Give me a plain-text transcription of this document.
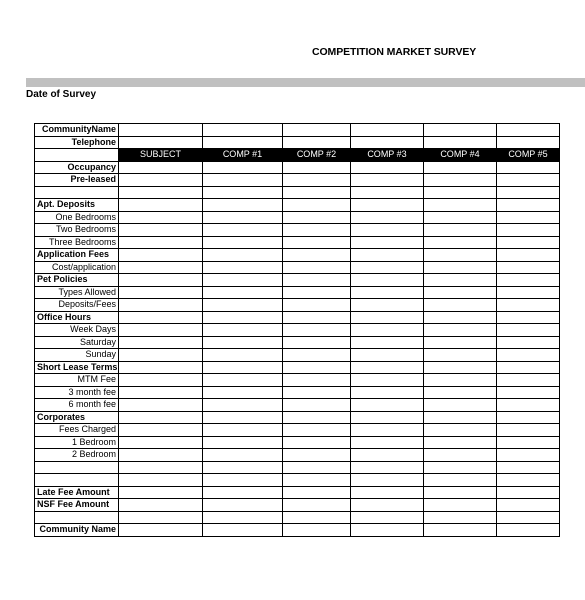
COMPETITION MARKET SURVEY
Date of Survey
CommunityName						
Telephone						
	SUBJECT	COMP #1	COMP #2	COMP #3	COMP #4	COMP #5
Occupancy						
Pre-leased						

Apt. Deposits						
One Bedrooms						
Two Bedrooms						
Three Bedrooms						
Application Fees						
Cost/application						
Pet Policies						
Types Allowed						
Deposits/Fees						
Office Hours						
Week Days						
Saturday						
Sunday						
Short Lease Terms						
MTM Fee						
3 month fee						
6 month fee						
Corporates						
Fees Charged						
1 Bedroom						
2 Bedroom						

Late Fee Amount						
NSF Fee Amount						

Community Name						
